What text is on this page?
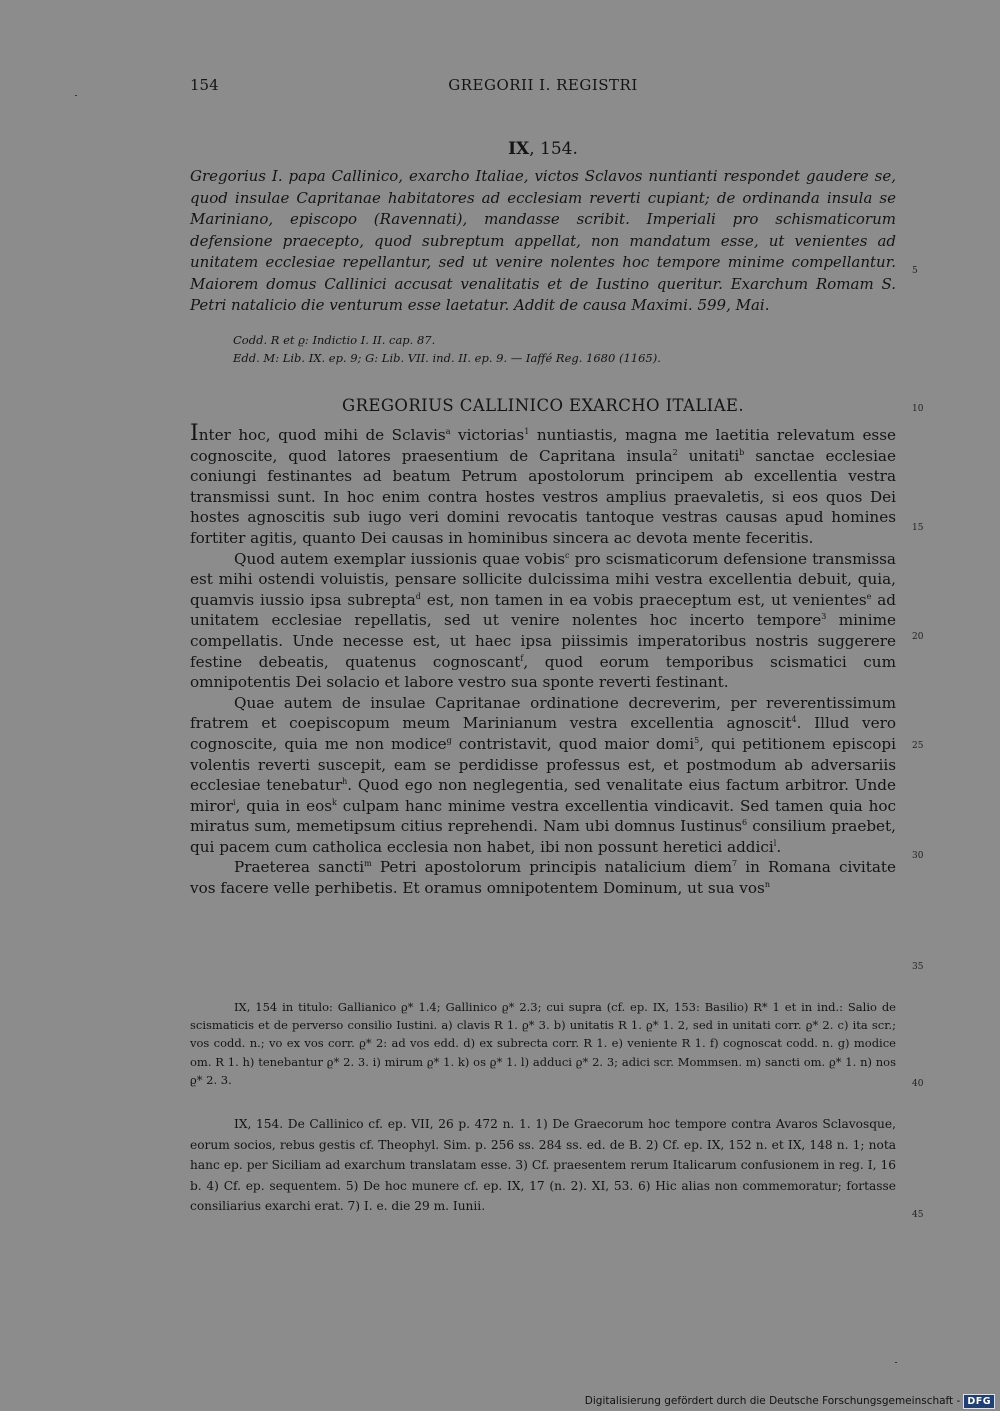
154	GREGORII I. REGISTRI
IX, 154.

Gregorius I. papa Callinico, exarcho Italiae, victos Sclavos nuntianti respondet gaudere se, quod insulae Capritanae habitatores ad ecclesiam reverti cupiant; de ordinanda insula se Mariniano, episcopo (Ravennati), mandasse scribit. Imperiali pro schismaticorum defensione praecepto, quod subreptum appellat, non mandatum esse, ut venientes ad unitatem ecclesiae repellantur, sed ut venire nolentes hoc tempore minime compellantur. Maiorem domus Callinici accusat venalitatis et de Iustino queritur. Exarchum Romam S. Petri natalicio die venturum esse laetatur. Addit de causa Maximi. 599, Mai.

Codd. R et ϱ: Indictio I. II. cap. 87.
Edd. M: Lib. IX. ep. 9; G: Lib. VII. ind. II. ep. 9. — Iaffé Reg. 1680 (1165).
GREGORIUS CALLINICO EXARCHO ITALIAE.

Inter hoc, quod mihi de Sclavis$^a$ victorias$^1$ nuntiastis, magna me laetitia relevatum esse cognoscite, quod latores praesentium de Capritana insula$^2$ unitati$^b$ sanctae ecclesiae coniungi festinantes ad beatum Petrum apostolorum principem ab excellentia vestra transmissi sunt. In hoc enim contra hostes vestros amplius praevaletis, si eos quos Dei hostes agnoscitis sub iugo veri domini revocatis tantoque vestras causas apud homines fortiter agitis, quanto Dei causas in hominibus sincera ac devota mente feceritis.

Quod autem exemplar iussionis quae vobis$^c$ pro scismaticorum defensione transmissa est mihi ostendi voluistis, pensare sollicite dulcissima mihi vestra excellentia debuit, quia, quamvis iussio ipsa subrepta$^d$ est, non tamen in ea vobis praeceptum est, ut venientes$^e$ ad unitatem ecclesiae repellatis, sed ut venire nolentes hoc incerto tempore$^3$ minime compellatis. Unde necesse est, ut haec ipsa piissimis imperatoribus nostris suggerere festine debeatis, quatenus cognoscant$^f$, quod eorum temporibus scismatici cum omnipotentis Dei solacio et labore vestro sua sponte reverti festinant.

Quae autem de insulae Capritanae ordinatione decreverim, per reverentissimum fratrem et coepiscopum meum Marinianum vestra excellentia agnoscit$^4$. Illud vero cognoscite, quia me non modice$^g$ contristavit, quod maior domi$^5$, qui petitionem episcopi volentis reverti suscepit, eam se perdidisse professus est, et postmodum ab adversariis ecclesiae tenebatur$^h$. Quod ego non neglegentia, sed venalitate eius factum arbitror. Unde miror$^i$, quia in eos$^k$ culpam hanc minime vestra excellentia vindicavit. Sed tamen quia hoc miratus sum, memetipsum citius reprehendi. Nam ubi domnus Iustinus$^6$ consilium praebet, qui pacem cum catholica ecclesia non habet, ibi non possunt heretici addici$^l$.

Praeterea sancti$^m$ Petri apostolorum principis natalicium diem$^7$ in Romana civitate vos facere velle perhibetis. Et oramus omnipotentem Dominum, ut sua vos$^n$

IX, 154 in titulo: Gallianico ϱ* 1.4; Gallinico ϱ* 2.3; cui supra (cf. ep. IX, 153: Basilio) R* 1 et in ind.: Salio de scismaticis et de perverso consilio Iustini. a) clavis R 1. ϱ* 3. b) unitatis R 1. ϱ* 1. 2, sed in unitati corr. ϱ* 2. c) ita scr.; vos codd. n.; vo ex vos corr. ϱ* 2: ad vos edd. d) ex subrecta corr. R 1. e) veniente R 1. f) cognoscat codd. n. g) modice om. R 1. h) tenebantur ϱ* 2. 3. i) mirum ϱ* 1. k) os ϱ* 1. l) adduci ϱ* 2. 3; adici scr. Mommsen. m) sancti om. ϱ* 1. n) nos ϱ* 2. 3.

IX, 154. De Callinico cf. ep. VII, 26 p. 472 n. 1. 1) De Graecorum hoc tempore contra Avaros Sclavosque, eorum socios, rebus gestis cf. Theophyl. Sim. p. 256 ss. 284 ss. ed. de B. 2) Cf. ep. IX, 152 n. et IX, 148 n. 1; nota hanc ep. per Siciliam ad exarchum translatam esse. 3) Cf. praesentem rerum Italicarum confusionem in reg. I, 16 b. 4) Cf. ep. sequentem. 5) De hoc munere cf. ep. IX, 17 (n. 2). XI, 53. 6) Hic alias non commemoratur; fortasse consiliarius exarchi erat. 7) I. e. die 29 m. Iunii.

5
10
15
20
25
30
35
40
45
Digitalisierung gefördert durch die Deutsche Forschungsgemeinschaft - DFG
